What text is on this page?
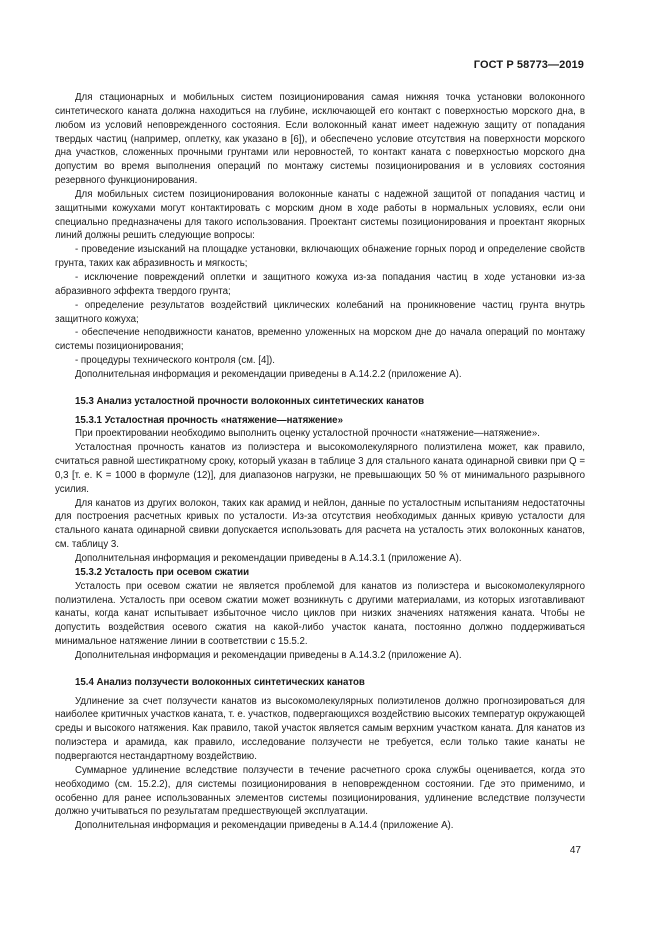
ГОСТ Р 58773—2019

Для стационарных и мобильных систем позиционирования самая нижняя точка установки волоконного синтетического каната должна находиться на глубине, исключающей его контакт с поверхностью морского дна, в любом из условий неповрежденного состояния. Если волоконный канат имеет надежную защиту от попадания твердых частиц (например, оплетку, как указано в [6]), и обеспечено условие отсутствия на поверхности морского дна участков, сложенных прочными грунтами или неровностей, то контакт каната с поверхностью морского дна допустим во время выполнения операций по монтажу системы позиционирования и в условиях состояния резервного функционирования.

Для мобильных систем позиционирования волоконные канаты с надежной защитой от попадания частиц и защитными кожухами могут контактировать с морским дном в ходе работы в нормальных условиях, если они специально предназначены для такого использования. Проектант системы позиционирования и проектант якорных линий должны решить следующие вопросы:

- проведение изысканий на площадке установки, включающих обнажение горных пород и определение свойств грунта, таких как абразивность и мягкость;

- исключение повреждений оплетки и защитного кожуха из-за попадания частиц в ходе установки из-за абразивного эффекта твердого грунта;

- определение результатов воздействий циклических колебаний на проникновение частиц грунта внутрь защитного кожуха;

- обеспечение неподвижности канатов, временно уложенных на морском дне до начала операций по монтажу системы позиционирования;

- процедуры технического контроля (см. [4]).

Дополнительная информация и рекомендации приведены в А.14.2.2 (приложение А).

15.3 Анализ усталостной прочности волоконных синтетических канатов

15.3.1 Усталостная прочность «натяжение—натяжение»

При проектировании необходимо выполнить оценку усталостной прочности «натяжение—натяжение».

Усталостная прочность канатов из полиэстера и высокомолекулярного полиэтилена может, как правило, считаться равной шестикратному сроку, который указан в таблице 3 для стального каната одинарной свивки при Q = 0,3 [т. е. K = 1000 в формуле (12)], для диапазонов нагрузки, не превышающих 50 % от минимального разрывного усилия.

Для канатов из других волокон, таких как арамид и нейлон, данные по усталостным испытаниям недостаточны для построения расчетных кривых по усталости. Из-за отсутствия необходимых данных кривую усталости для стального каната одинарной свивки допускается использовать для расчета на усталость этих волоконных канатов, см. таблицу 3.

Дополнительная информация и рекомендации приведены в А.14.3.1 (приложение А).

15.3.2 Усталость при осевом сжатии

Усталость при осевом сжатии не является проблемой для канатов из полиэстера и высокомолекулярного полиэтилена. Усталость при осевом сжатии может возникнуть с другими материалами, из которых изготавливают канаты, когда канат испытывает избыточное число циклов при низких значениях натяжения каната. Чтобы не допустить воздействия осевого сжатия на какой-либо участок каната, постоянно должно поддерживаться минимальное натяжение линии в соответствии с 15.5.2.

Дополнительная информация и рекомендации приведены в А.14.3.2 (приложение А).

15.4 Анализ ползучести волоконных синтетических канатов

Удлинение за счет ползучести канатов из высокомолекулярных полиэтиленов должно прогнозироваться для наиболее критичных участков каната, т. е. участков, подвергающихся воздействию высоких температур окружающей среды и высокого натяжения. Как правило, такой участок является самым верхним участком каната. Для канатов из полиэстера и арамида, как правило, исследование ползучести не требуется, если только такие канаты не подвергаются нестандартному воздействию.

Суммарное удлинение вследствие ползучести в течение расчетного срока службы оценивается, когда это необходимо (см. 15.2.2), для системы позиционирования в неповрежденном состоянии. Где это применимо, и особенно для ранее использованных элементов системы позиционирования, удлинение вследствие ползучести должно учитываться по результатам предшествующей эксплуатации.

Дополнительная информация и рекомендации приведены в А.14.4 (приложение А).

47
